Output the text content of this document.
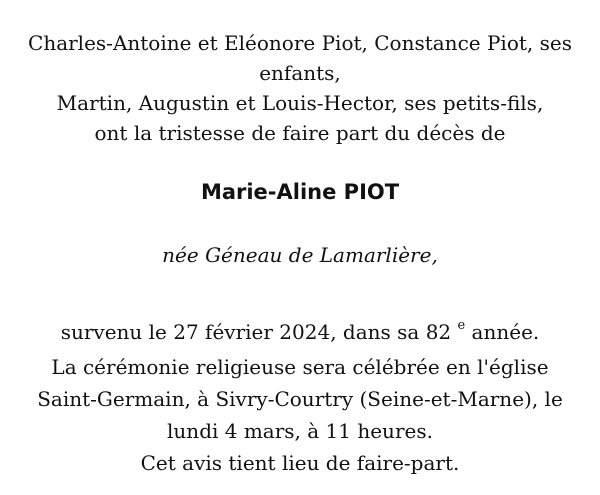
Charles-Antoine et Eléonore Piot, Constance Piot, ses
enfants,
Martin, Augustin et Louis-Hector, ses petits-fils,
ont la tristesse de faire part du décès de
Marie-Aline PIOT
née Géneau de Lamarlière,
survenu le 27 février 2024, dans sa 82 $^e$ année.
La cérémonie religieuse sera célébrée en l'église
Saint-Germain, à Sivry-Courtry (Seine-et-Marne), le
lundi 4 mars, à 11 heures.
Cet avis tient lieu de faire-part.
